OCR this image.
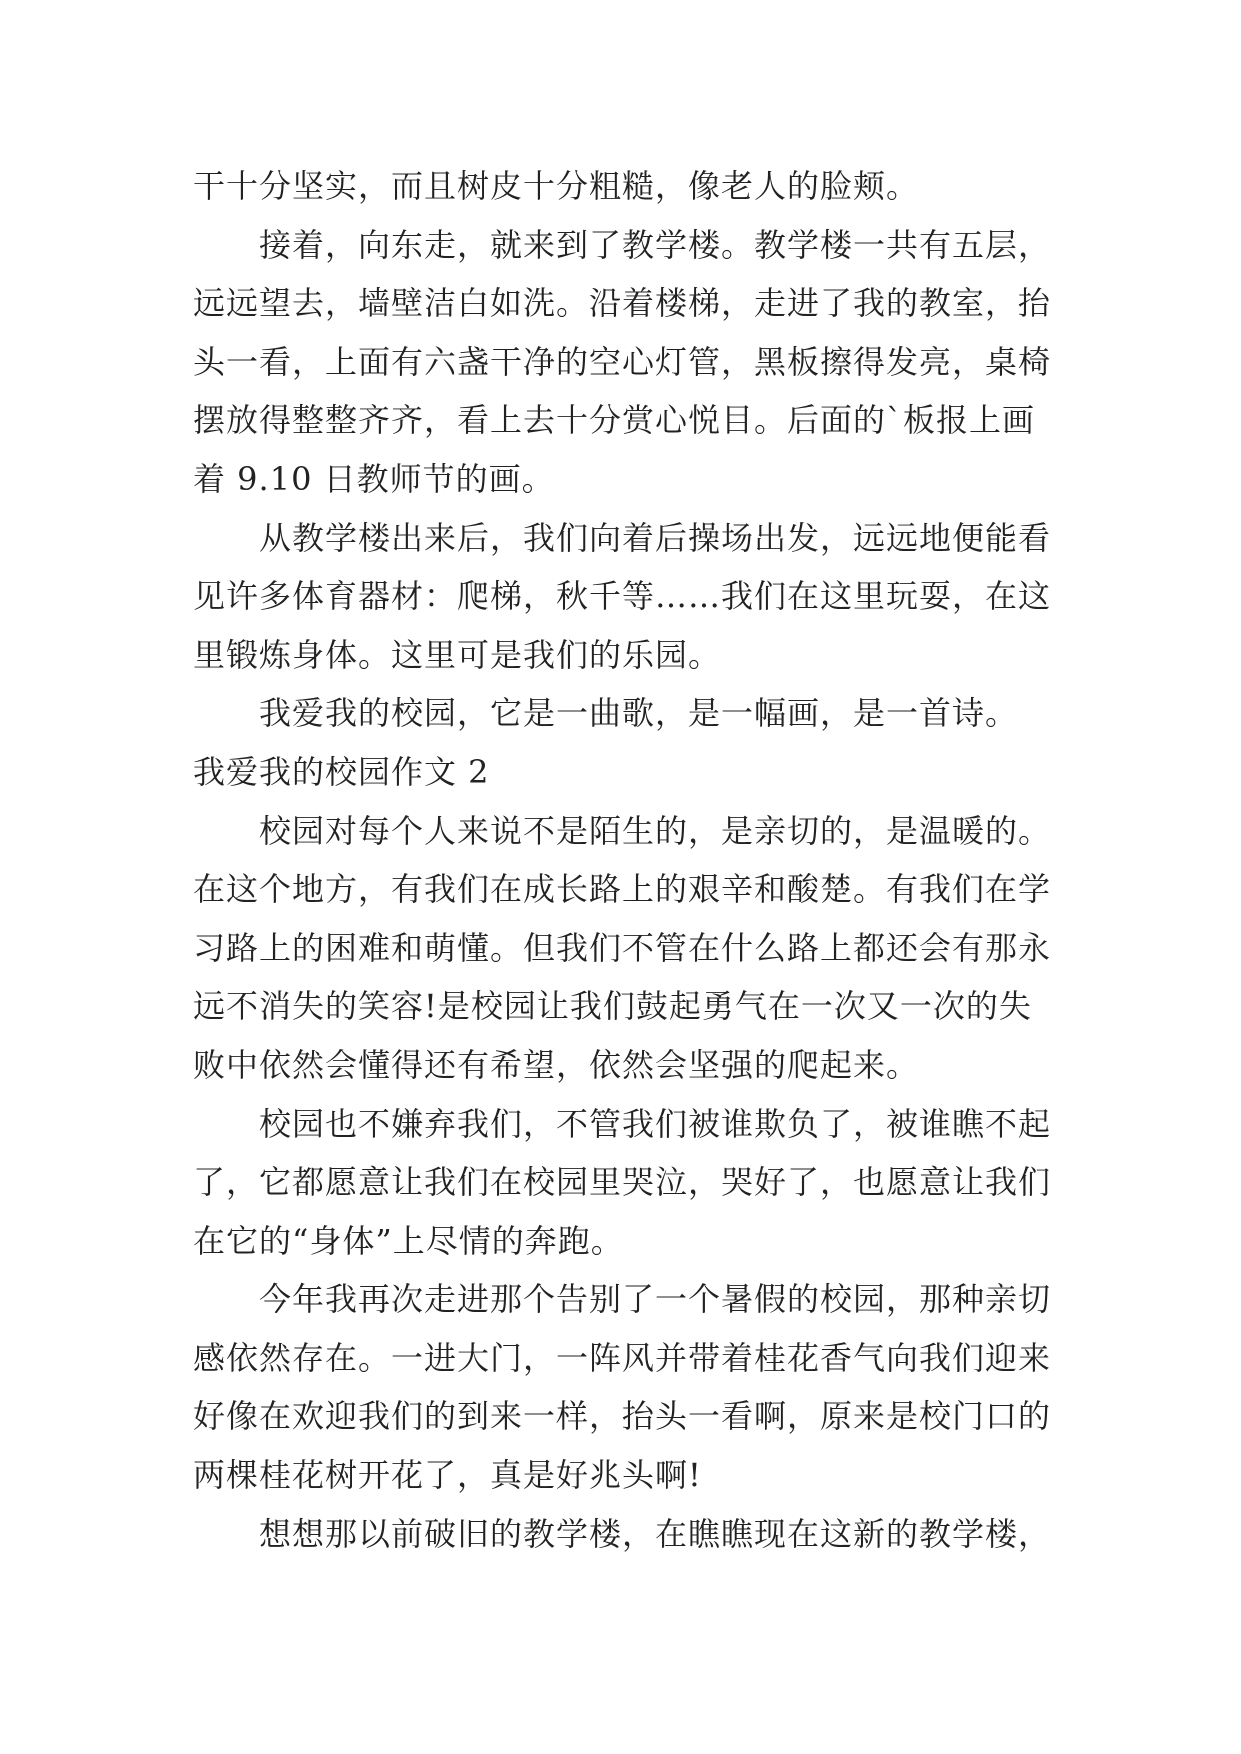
干十分坚实，而且树皮十分粗糙，像老人的脸颊。

接着，向东走，就来到了教学楼。教学楼一共有五层，

远远望去，墙壁洁白如洗。沿着楼梯，走进了我的教室，抬

头一看，上面有六盏干净的空心灯管，黑板擦得发亮，桌椅

摆放得整整齐齐，看上去十分赏心悦目。后面的`板报上画

着 9.10 日教师节的画。

从教学楼出来后，我们向着后操场出发，远远地便能看

见许多体育器材：爬梯，秋千等……我们在这里玩耍，在这

里锻炼身体。这里可是我们的乐园。

我爱我的校园，它是一曲歌，是一幅画，是一首诗。

我爱我的校园作文 2

校园对每个人来说不是陌生的，是亲切的，是温暖的。

在这个地方，有我们在成长路上的艰辛和酸楚。有我们在学

习路上的困难和萌懂。但我们不管在什么路上都还会有那永

远不消失的笑容!是校园让我们鼓起勇气在一次又一次的失

败中依然会懂得还有希望，依然会坚强的爬起来。

校园也不嫌弃我们，不管我们被谁欺负了，被谁瞧不起

了，它都愿意让我们在校园里哭泣，哭好了，也愿意让我们

在它的“身体”上尽情的奔跑。

今年我再次走进那个告别了一个暑假的校园，那种亲切

感依然存在。一进大门，一阵风并带着桂花香气向我们迎来

好像在欢迎我们的到来一样，抬头一看啊，原来是校门口的

两棵桂花树开花了，真是好兆头啊!

想想那以前破旧的教学楼，在瞧瞧现在这新的教学楼，
